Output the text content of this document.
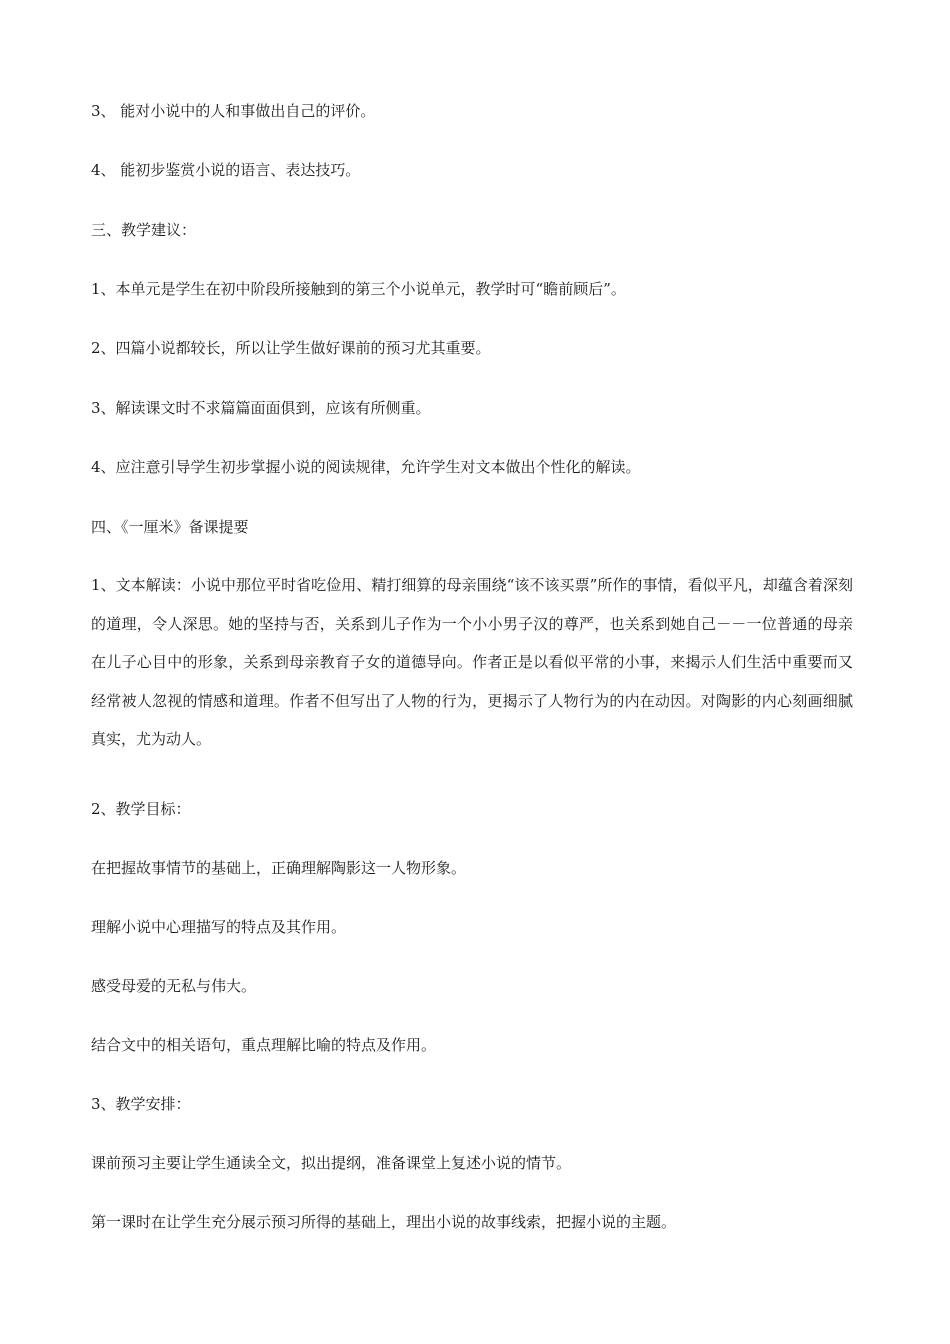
3、 能对小说中的人和事做出自己的评价。
4、 能初步鉴赏小说的语言、表达技巧。
三、教学建议：
1、本单元是学生在初中阶段所接触到的第三个小说单元，教学时可“瞻前顾后”。
2、四篇小说都较长，所以让学生做好课前的预习尤其重要。
3、解读课文时不求篇篇面面俱到，应该有所侧重。
4、应注意引导学生初步掌握小说的阅读规律，允许学生对文本做出个性化的解读。
四、《一厘米》备课提要
1、文本解读：小说中那位平时省吃俭用、精打细算的母亲围绕“该不该买票”所作的事情，看似平凡，却蕴含着深刻的道理，令人深思。她的坚持与否，关系到儿子作为一个小小男子汉的尊严，也关系到她自己－－一位普通的母亲在儿子心目中的形象，关系到母亲教育子女的道德导向。作者正是以看似平常的小事，来揭示人们生活中重要而又经常被人忽视的情感和道理。作者不但写出了人物的行为，更揭示了人物行为的内在动因。对陶影的内心刻画细腻真实，尤为动人。
2、教学目标：
在把握故事情节的基础上，正确理解陶影这一人物形象。
理解小说中心理描写的特点及其作用。
感受母爱的无私与伟大。
结合文中的相关语句，重点理解比喻的特点及作用。
3、教学安排：
课前预习主要让学生通读全文，拟出提纲，准备课堂上复述小说的情节。
第一课时在让学生充分展示预习所得的基础上，理出小说的故事线索，把握小说的主题。
